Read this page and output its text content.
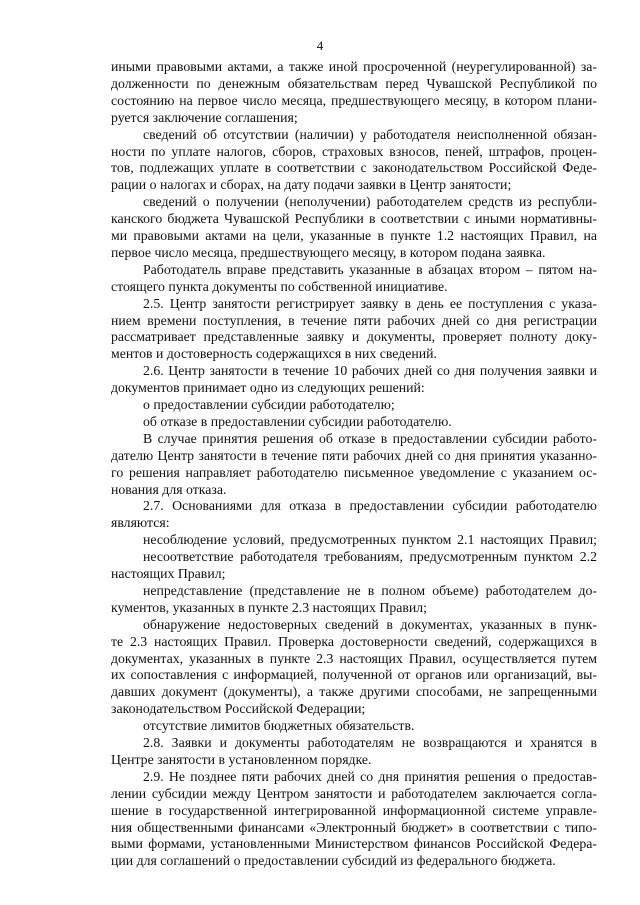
4
иными правовыми актами, а также иной просроченной (неурегулированной) за-
долженности по денежным обязательствам перед Чувашской Республикой по
состоянию на первое число месяца, предшествующего месяцу, в котором плани-
руется заключение соглашения;
сведений об отсутствии (наличии) у работодателя неисполненной обязан-
ности по уплате налогов, сборов, страховых взносов, пеней, штрафов, процен-
тов, подлежащих уплате в соответствии с законодательством Российской Феде-
рации о налогах и сборах, на дату подачи заявки в Центр занятости;
сведений о получении (неполучении) работодателем средств из республи-
канского бюджета Чувашской Республики в соответствии с иными нормативны-
ми правовыми актами на цели, указанные в пункте 1.2 настоящих Правил, на
первое число месяца, предшествующего месяцу, в котором подана заявка.
Работодатель вправе представить указанные в абзацах втором – пятом на-
стоящего пункта документы по собственной инициативе.
2.5. Центр занятости регистрирует заявку в день ее поступления с указа-
нием времени поступления, в течение пяти рабочих дней со дня регистрации
рассматривает представленные заявку и документы, проверяет полноту доку-
ментов и достоверность содержащихся в них сведений.
2.6. Центр занятости в течение 10 рабочих дней со дня получения заявки и
документов принимает одно из следующих решений:
о предоставлении субсидии работодателю;
об отказе в предоставлении субсидии работодателю.
В случае принятия решения об отказе в предоставлении субсидии работо-
дателю Центр занятости в течение пяти рабочих дней со дня принятия указанно-
го решения направляет работодателю письменное уведомление с указанием ос-
нования для отказа.
2.7. Основаниями для отказа в предоставлении субсидии работодателю
являются:
несоблюдение условий, предусмотренных пунктом 2.1 настоящих Правил;
несоответствие работодателя требованиям, предусмотренным пунктом 2.2
настоящих Правил;
непредставление (представление не в полном объеме) работодателем до-
кументов, указанных в пункте 2.3 настоящих Правил;
обнаружение недостоверных сведений в документах, указанных в пунк-
те 2.3 настоящих Правил. Проверка достоверности сведений, содержащихся в
документах, указанных в пункте 2.3 настоящих Правил, осуществляется путем
их сопоставления с информацией, полученной от органов или организаций, вы-
давших документ (документы), а также другими способами, не запрещенными
законодательством Российской Федерации;
отсутствие лимитов бюджетных обязательств.
2.8. Заявки и документы работодателям не возвращаются и хранятся в
Центре занятости в установленном порядке.
2.9. Не позднее пяти рабочих дней со дня принятия решения о предостав-
лении субсидии между Центром занятости и работодателем заключается согла-
шение в государственной интегрированной информационной системе управле-
ния общественными финансами «Электронный бюджет» в соответствии с типо-
выми формами, установленными Министерством финансов Российской Федера-
ции для соглашений о предоставлении субсидий из федерального бюджета.
